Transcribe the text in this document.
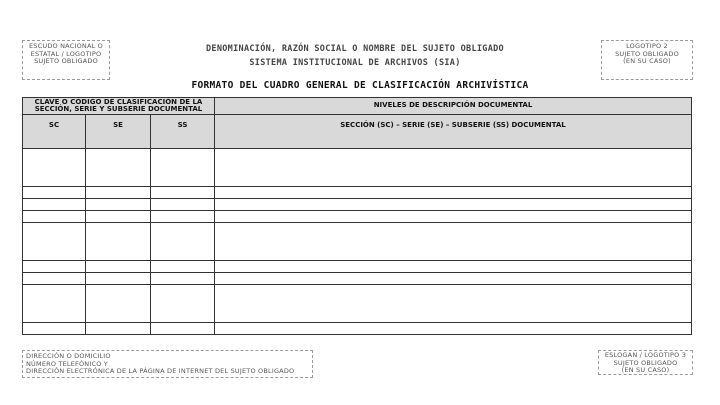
ESCUDO NACIONAL O
ESTATAL / LOGOTIPO
SUJETO OBLIGADO
DENOMINACIÓN, RAZÓN SOCIAL O NOMBRE DEL SUJETO OBLIGADO
SISTEMA INSTITUCIONAL DE ARCHIVOS (SIA)
LOGOTIPO 2
SUJETO OBLIGADO
(EN SU CASO)
FORMATO DEL CUADRO GENERAL DE CLASIFICACIÓN ARCHIVÍSTICA
CLAVE O CÓDIGO DE CLASIFICACIÓN DE LA SECCIÓN, SERIE Y SUBSERIE DOCUMENTAL			NIVELES DE DESCRIPCIÓN DOCUMENTAL
SC	SE	SS	SECCIÓN (SC) – SERIE (SE) – SUBSERIE (SS) DOCUMENTAL

DIRECCIÓN O DOMICILIO
NÚMERO TELEFÓNICO Y
DIRECCIÓN ELECTRÓNICA DE LA PÁGINA DE INTERNET DEL SUJETO OBLIGADO
ESLOGAN / LOGOTIPO 3
SUJETO OBLIGADO
(EN SU CASO)
